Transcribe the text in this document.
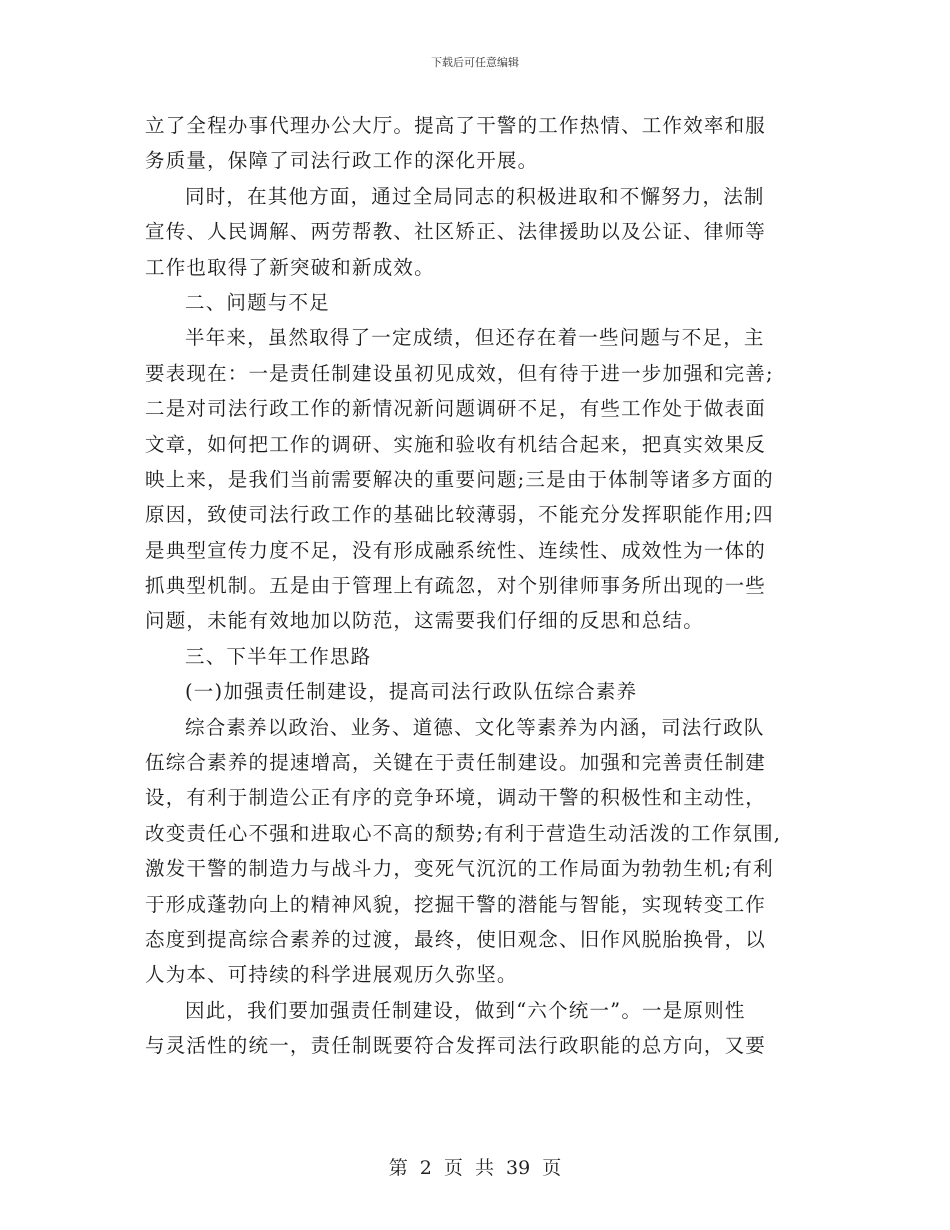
下载后可任意编辑
立了全程办事代理办公大厅。提高了干警的工作热情、工作效率和服
务质量，保障了司法行政工作的深化开展。
同时，在其他方面，通过全局同志的积极进取和不懈努力，法制
宣传、人民调解、两劳帮教、社区矫正、法律援助以及公证、律师等
工作也取得了新突破和新成效。
二、问题与不足
半年来，虽然取得了一定成绩，但还存在着一些问题与不足，主
要表现在：一是责任制建设虽初见成效，但有待于进一步加强和完善;
二是对司法行政工作的新情况新问题调研不足，有些工作处于做表面
文章，如何把工作的调研、实施和验收有机结合起来，把真实效果反
映上来，是我们当前需要解决的重要问题;三是由于体制等诸多方面的
原因，致使司法行政工作的基础比较薄弱，不能充分发挥职能作用;四
是典型宣传力度不足，没有形成融系统性、连续性、成效性为一体的
抓典型机制。五是由于管理上有疏忽，对个别律师事务所出现的一些
问题，未能有效地加以防范，这需要我们仔细的反思和总结。
三、下半年工作思路
(一)加强责任制建设，提高司法行政队伍综合素养
综合素养以政治、业务、道德、文化等素养为内涵，司法行政队
伍综合素养的提速增高，关键在于责任制建设。加强和完善责任制建
设，有利于制造公正有序的竞争环境，调动干警的积极性和主动性，
改变责任心不强和进取心不高的颓势;有利于营造生动活泼的工作氛围,
激发干警的制造力与战斗力，变死气沉沉的工作局面为勃勃生机;有利
于形成蓬勃向上的精神风貌，挖掘干警的潜能与智能，实现转变工作
态度到提高综合素养的过渡，最终，使旧观念、旧作风脱胎换骨，以
人为本、可持续的科学进展观历久弥坚。
因此，我们要加强责任制建设，做到“六个统一”。一是原则性
与灵活性的统一，责任制既要符合发挥司法行政职能的总方向，又要
第 2 页 共 39 页
